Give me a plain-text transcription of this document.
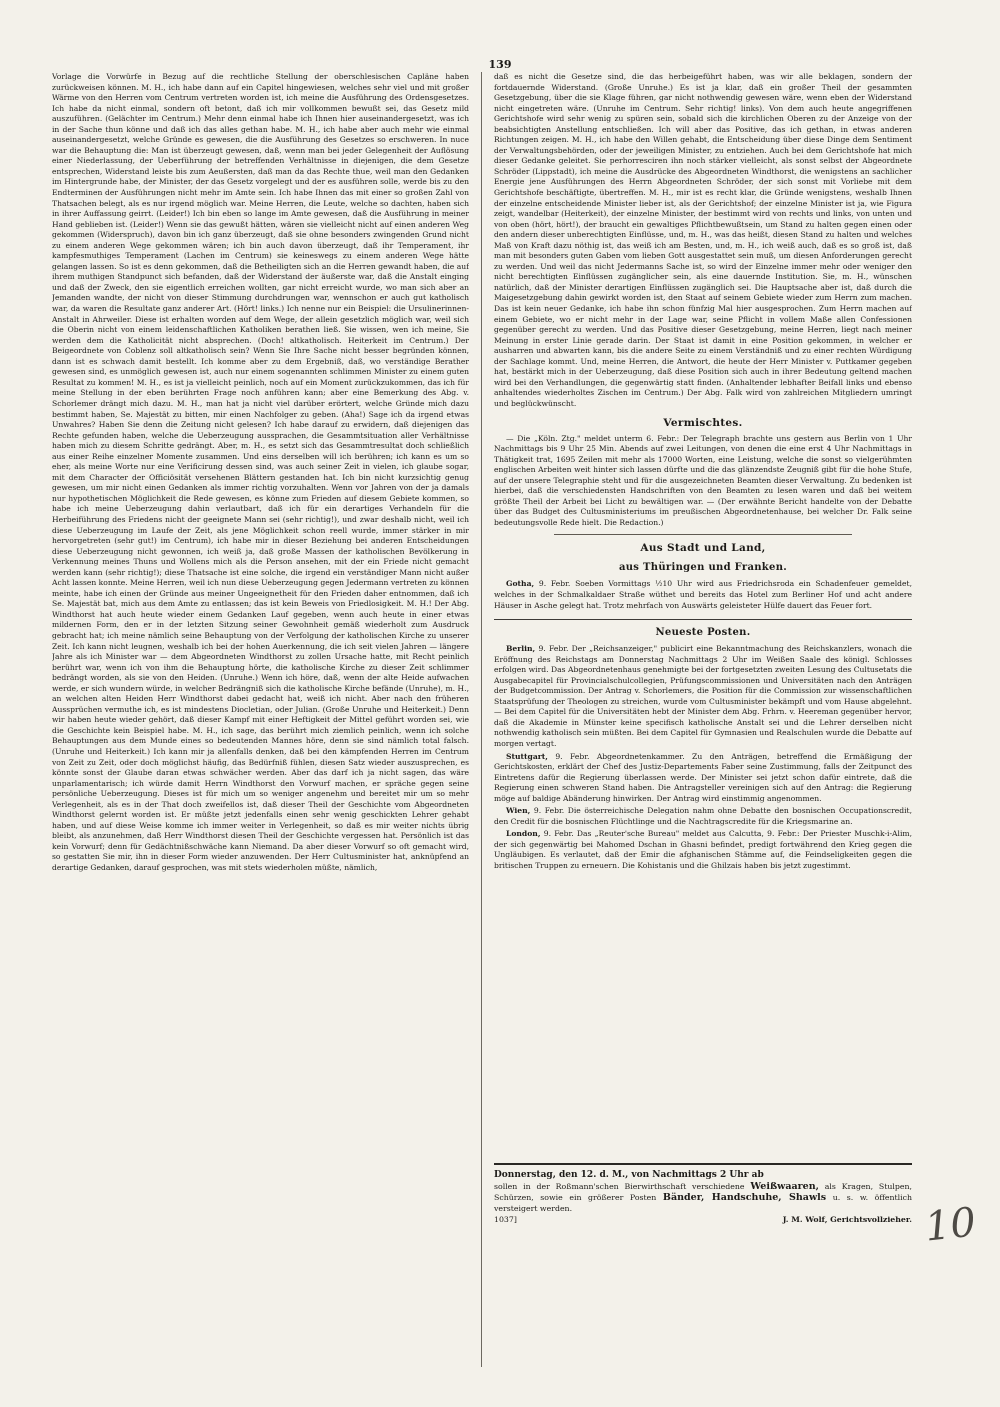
139

Vorlage die Vorwürfe in Bezug auf die rechtliche Stellung der oberschlesischen Capläne haben zurückweisen können. M. H., ich habe dann auf ein Capitel hingewiesen, welches sehr viel und mit großer Wärme von den Herren vom Centrum vertreten worden ist, ich meine die Ausführung des Ordensgesetzes. Ich habe da nicht einmal, sondern oft betont, daß ich mir vollkommen bewußt sei, das Gesetz mild auszuführen. (Gelächter im Centrum.) Mehr denn einmal habe ich Ihnen hier auseinandergesetzt, was ich in der Sache thun könne und daß ich das alles gethan habe. M. H., ich habe aber auch mehr wie einmal auseinandergesetzt, welche Gründe es gewesen, die die Ausführung des Gesetzes so erschweren. In nuce war die Behauptung die: Man ist überzeugt gewesen, daß, wenn man bei jeder Gelegenheit der Auflösung einer Niederlassung, der Ueberführung der betreffenden Verhältnisse in diejenigen, die dem Gesetze entsprechen, Widerstand leiste bis zum Aeußersten, daß man da das Rechte thue, weil man den Gedanken im Hintergrunde habe, der Minister, der das Gesetz vorgelegt und der es ausführen solle, werde bis zu den Endterminen der Ausführungen nicht mehr im Amte sein. Ich habe Ihnen das mit einer so großen Zahl von Thatsachen belegt, als es nur irgend möglich war. Meine Herren, die Leute, welche so dachten, haben sich in ihrer Auffassung geirrt. (Leider!) Ich bin eben so lange im Amte gewesen, daß die Ausführung in meiner Hand geblieben ist. (Leider!) Wenn sie das gewußt hätten, wären sie vielleicht nicht auf einen anderen Weg gekommen (Widerspruch), davon bin ich ganz überzeugt, daß sie ohne besonders zwingenden Grund nicht zu einem anderen Wege gekommen wären; ich bin auch davon überzeugt, daß ihr Temperament, ihr kampfesmuthiges Temperament (Lachen im Centrum) sie keineswegs zu einem anderen Wege hätte gelangen lassen. So ist es denn gekommen, daß die Betheiligten sich an die Herren gewandt haben, die auf ihrem muthigen Standpunct sich befanden, daß der Widerstand der äußerste war, daß die Anstalt einging und daß der Zweck, den sie eigentlich erreichen wollten, gar nicht erreicht wurde, wo man sich aber an Jemanden wandte, der nicht von dieser Stimmung durchdrungen war, wennschon er auch gut katholisch war, da waren die Resultate ganz anderer Art. (Hört! links.) Ich nenne nur ein Beispiel: die Ursulinerinnen-Anstalt in Ahrweiler. Diese ist erhalten worden auf dem Wege, der allein gesetzlich möglich war, weil sich die Oberin nicht von einem leidenschaftlichen Katholiken berathen ließ. Sie wissen, wen ich meine, Sie werden dem die Katholicität nicht absprechen. (Doch! altkatholisch. Heiterkeit im Centrum.) Der Beigeordnete von Coblenz soll altkatholisch sein? Wenn Sie Ihre Sache nicht besser begründen können, dann ist es schwach damit bestellt. Ich komme aber zu dem Ergebniß, daß, wo verständige Berather gewesen sind, es unmöglich gewesen ist, auch nur einem sogenannten schlimmen Minister zu einem guten Resultat zu kommen! M. H., es ist ja vielleicht peinlich, noch auf ein Moment zurückzukommen, das ich für meine Stellung in der eben berührten Frage noch anführen kann; aber eine Bemerkung des Abg. v. Schorlemer drängt mich dazu. M. H., man hat ja nicht viel darüber erörtert, welche Gründe mich dazu bestimmt haben, Se. Majestät zu bitten, mir einen Nachfolger zu geben. (Aha!) Sage ich da irgend etwas Unwahres? Haben Sie denn die Zeitung nicht gelesen? Ich habe darauf zu erwidern, daß diejenigen das Rechte gefunden haben, welche die Ueberzeugung aussprachen, die Gesammtsituation aller Verhältnisse haben mich zu diesem Schritte gedrängt. Aber, m. H., es setzt sich das Gesammtresultat doch schließlich aus einer Reihe einzelner Momente zusammen. Und eins derselben will ich berühren; ich kann es um so eher, als meine Worte nur eine Verificirung dessen sind, was auch seiner Zeit in vielen, ich glaube sogar, mit dem Character der Officiösität versehenen Blättern gestanden hat. Ich bin nicht kurzsichtig genug gewesen, um mir nicht einen Gedanken als immer richtig vorzuhalten. Wenn vor Jahren von der ja damals nur hypothetischen Möglichkeit die Rede gewesen, es könne zum Frieden auf diesem Gebiete kommen, so habe ich meine Ueberzeugung dahin verlautbart, daß ich für ein derartiges Verhandeln für die Herbeiführung des Friedens nicht der geeignete Mann sei (sehr richtig!), und zwar deshalb nicht, weil ich diese Ueberzeugung im Laufe der Zeit, als jene Möglichkeit schon reell wurde, immer stärker in mir hervorgetreten (sehr gut!) im Centrum), ich habe mir in dieser Beziehung bei anderen Entscheidungen diese Ueberzeugung nicht gewonnen, ich weiß ja, daß große Massen der katholischen Bevölkerung in Verkennung meines Thuns und Wollens mich als die Person ansehen, mit der ein Friede nicht gemacht werden kann (sehr richtig!); diese Thatsache ist eine solche, die irgend ein verständiger Mann nicht außer Acht lassen konnte. Meine Herren, weil ich nun diese Ueberzeugung gegen Jedermann vertreten zu können meinte, habe ich einen der Gründe aus meiner Ungeeignetheit für den Frieden daher entnommen, daß ich Se. Majestät bat, mich aus dem Amte zu entlassen; das ist kein Beweis von Friedlosigkeit. M. H.! Der Abg. Windthorst hat auch heute wieder einem Gedanken Lauf gegeben, wenn auch heute in einer etwas mildernen Form, den er in der letzten Sitzung seiner Gewohnheit gemäß wiederholt zum Ausdruck gebracht hat; ich meine nämlich seine Behauptung von der Verfolgung der katholischen Kirche zu unserer Zeit. Ich kann nicht leugnen, weshalb ich bei der hohen Auerkennung, die ich seit vielen Jahren — längere Jahre als ich Minister war — dem Abgeordneten Windthorst zu zollen Ursache hatte, mit Recht peinlich berührt war, wenn ich von ihm die Behauptung hörte, die katholische Kirche zu dieser Zeit schlimmer bedrängt worden, als sie von den Heiden. (Unruhe.) Wenn ich höre, daß, wenn der alte Heide aufwachen werde, er sich wundern würde, in welcher Bedrängniß sich die katholische Kirche befände (Unruhe), m. H., an welchen alten Heiden Herr Windthorst dabei gedacht hat, weiß ich nicht. Aber nach den früheren Aussprüchen vermuthe ich, es ist mindestens Diocletian, oder Julian. (Große Unruhe und Heiterkeit.) Denn wir haben heute wieder gehört, daß dieser Kampf mit einer Heftigkeit der Mittel geführt worden sei, wie die Geschichte kein Beispiel habe. M. H., ich sage, das berührt mich ziemlich peinlich, wenn ich solche Behauptungen aus dem Munde eines so bedeutenden Mannes höre, denn sie sind nämlich total falsch. (Unruhe und Heiterkeit.) Ich kann mir ja allenfalls denken, daß bei den kämpfenden Herren im Centrum von Zeit zu Zeit, oder doch möglichst häufig, das Bedürfniß fühlen, diesen Satz wieder auszusprechen, es könnte sonst der Glaube daran etwas schwächer werden. Aber das darf ich ja nicht sagen, das wäre unparlamentarisch; ich würde damit Herrn Windthorst den Vorwurf machen, er spräche gegen seine persönliche Ueberzeugung. Dieses ist für mich um so weniger angenehm und bereitet mir um so mehr Verlegenheit, als es in der That doch zweifellos ist, daß dieser Theil der Geschichte vom Abgeordneten Windthorst gelernt worden ist. Er müßte jetzt jedenfalls einen sehr wenig geschickten Lehrer gehabt haben, und auf diese Weise komme ich immer weiter in Verlegenheit, so daß es mir weiter nichts übrig bleibt, als anzunehmen, daß Herr Windthorst diesen Theil der Geschichte vergessen hat. Persönlich ist das kein Vorwurf; denn für Gedächtnißschwäche kann Niemand. Da aber dieser Vorwurf so oft gemacht wird, so gestatten Sie mir, ihn in dieser Form wieder anzuwenden. Der Herr Cultusminister hat, anknüpfend an derartige Gedanken, darauf gesprochen, was mit stets wiederholen müßte, nämlich,

daß es nicht die Gesetze sind, die das herbeigeführt haben, was wir alle beklagen, sondern der fortdauernde Widerstand. (Große Unruhe.) Es ist ja klar, daß ein großer Theil der gesammten Gesetzgebung, über die sie Klage führen, gar nicht nothwendig gewesen wäre, wenn eben der Widerstand nicht eingetreten wäre. (Unruhe im Centrum. Sehr richtig! links). Von dem auch heute angegriffenen Gerichtshofe wird sehr wenig zu spüren sein, sobald sich die kirchlichen Oberen zu der Anzeige von der beabsichtigten Anstellung entschließen. Ich will aber das Positive, das ich gethan, in etwas anderen Richtungen zeigen. M. H., ich habe den Willen gehabt, die Entscheidung über diese Dinge dem Sentiment der Verwaltungsbehörden, oder der jeweiligen Minister, zu entziehen. Auch bei dem Gerichtshofe hat mich dieser Gedanke geleitet. Sie perhorresciren ihn noch stärker vielleicht, als sonst selbst der Abgeordnete Schröder (Lippstadt), ich meine die Ausdrücke des Abgeordneten Windthorst, die wenigstens an sachlicher Energie jene Ausführungen des Herrn Abgeordneten Schröder, der sich sonst mit Vorliebe mit dem Gerichtshofe beschäftigte, übertreffen. M. H., mir ist es recht klar, die Gründe wenigstens, weshalb Ihnen der einzelne entscheidende Minister lieber ist, als der Gerichtshof; der einzelne Minister ist ja, wie Figura zeigt, wandelbar (Heiterkeit), der einzelne Minister, der bestimmt wird von rechts und links, von unten und von oben (hört, hört!), der braucht ein gewaltiges Pflichtbewußtsein, um Stand zu halten gegen einen oder den andern dieser unberechtigten Einflüsse, und, m. H., was das heißt, diesen Stand zu halten und welches Maß von Kraft dazu nöthig ist, das weiß ich am Besten, und, m. H., ich weiß auch, daß es so groß ist, daß man mit besonders guten Gaben vom lieben Gott ausgestattet sein muß, um diesen Anforderungen gerecht zu werden. Und weil das nicht Jedermanns Sache ist, so wird der Einzelne immer mehr oder weniger den nicht berechtigten Einflüssen zugänglicher sein, als eine dauernde Institution. Sie, m. H., wünschen natürlich, daß der Minister derartigen Einflüssen zugänglich sei. Die Hauptsache aber ist, daß durch die Maigesetzgebung dahin gewirkt worden ist, den Staat auf seinem Gebiete wieder zum Herrn zum machen. Das ist kein neuer Gedanke, ich habe ihn schon fünfzig Mal hier ausgesprochen. Zum Herrn machen auf einem Gebiete, wo er nicht mehr in der Lage war, seine Pflicht in vollem Maße allen Confessionen gegenüber gerecht zu werden. Und das Positive dieser Gesetzgebung, meine Herren, liegt nach meiner Meinung in erster Linie gerade darin. Der Staat ist damit in eine Position gekommen, in welcher er ausharren und abwarten kann, bis die andere Seite zu einem Verständniß und zu einer rechten Würdigung der Sachlage kommt. Und, meine Herren, die Antwort, die heute der Herr Minister v. Puttkamer gegeben hat, bestärkt mich in der Ueberzeugung, daß diese Position sich auch in ihrer Bedeutung geltend machen wird bei den Verhandlungen, die gegenwärtig statt finden. (Anhaltender lebhafter Beifall links und ebenso anhaltendes wiederholtes Zischen im Centrum.) Der Abg. Falk wird von zahlreichen Mitgliedern umringt und beglückwünscht.

Vermischtes.

— Die „Köln. Ztg." meldet unterm 6. Febr.: Der Telegraph brachte uns gestern aus Berlin von 1 Uhr Nachmittags bis 9 Uhr 25 Min. Abends auf zwei Leitungen, von denen die eine erst 4 Uhr Nachmittags in Thätigkeit trat, 1695 Zeilen mit mehr als 17000 Worten, eine Leistung, welche die sonst so vielgerühmten englischen Arbeiten weit hinter sich lassen dürfte und die das glänzendste Zeugniß gibt für die hohe Stufe, auf der unsere Telegraphie steht und für die ausgezeichneten Beamten dieser Verwaltung. Zu bedenken ist hierbei, daß die verschiedensten Handschriften von den Beamten zu lesen waren und daß bei weitem größte Theil der Arbeit bei Licht zu bewältigen war. — (Der erwähnte Bericht handelte von der Debatte über das Budget des Cultusministeriums im preußischen Abgeordnetenhause, bei welcher Dr. Falk seine bedeutungsvolle Rede hielt. Die Redaction.)

Aus Stadt und Land,
aus Thüringen und Franken.

Gotha, 9. Febr. Soeben Vormittags ½10 Uhr wird aus Friedrichsroda ein Schadenfeuer gemeldet, welches in der Schmalkaldaer Straße wüthet und bereits das Hotel zum Berliner Hof und acht andere Häuser in Asche gelegt hat. Trotz mehrfach von Auswärts geleisteter Hülfe dauert das Feuer fort.

Neueste Posten.

Berlin, 9. Febr. Der „Reichsanzeiger," publicirt eine Bekanntmachung des Reichskanzlers, wonach die Eröffnung des Reichstags am Donnerstag Nachmittags 2 Uhr im Weißen Saale des königl. Schlosses erfolgen wird. Das Abgeordnetenhaus genehmigte bei der fortgesetzten zweiten Lesung des Cultusetats die Ausgabecapitel für Provincialschulcollegien, Prüfungscommissionen und Universitäten nach den Anträgen der Budgetcommission. Der Antrag v. Schorlemers, die Position für die Commission zur wissenschaftlichen Staatsprüfung der Theologen zu streichen, wurde vom Cultusminister bekämpft und vom Hause abgelehnt. — Bei dem Capitel für die Universitäten hebt der Minister dem Abg. Frhrn. v. Heereman gegenüber hervor, daß die Akademie in Münster keine specifisch katholische Anstalt sei und die Lehrer derselben nicht nothwendig katholisch sein müßten. Bei dem Capitel für Gymnasien und Realschulen wurde die Debatte auf morgen vertagt.

Stuttgart, 9. Febr. Abgeordnetenkammer. Zu den Anträgen, betreffend die Ermäßigung der Gerichtskosten, erklärt der Chef des Justiz-Departements Faber seine Zustimmung, falls der Zeitpunct des Eintretens dafür die Regierung überlassen werde. Der Minister sei jetzt schon dafür eintrete, daß die Regierung einen schweren Stand haben. Die Antragsteller vereinigen sich auf den Antrag: die Regierung möge auf baldige Abänderung hinwirken. Der Antrag wird einstimmig angenommen.

Wien, 9. Febr. Die österreichische Delegation nahm ohne Debatte den bosnischen Occupationscredit, den Credit für die bosnischen Flüchtlinge und die Nachtragscredite für die Kriegsmarine an.

London, 9. Febr. Das „Reuter'sche Bureau" meldet aus Calcutta, 9. Febr.: Der Priester Muschk-i-Alim, der sich gegenwärtig bei Mahomed Dschan in Ghasni befindet, predigt fortwährend den Krieg gegen die Ungläubigen. Es verlautet, daß der Emir die afghanischen Stämme auf, die Feindseligkeiten gegen die britischen Truppen zu erneuern. Die Kohistanis und die Ghilzais haben bis jetzt zugestimmt.

Donnerstag, den 12. d. M., von Nachmittags 2 Uhr ab
sollen in der Roßmann'schen Bierwirthschaft verschiedene Weißwaaren, als Kragen, Stulpen, Schürzen, sowie ein größerer Posten Bänder, Handschuhe, Shawls u. s. w. öffentlich versteigert werden.
1037]	J. M. Wolf, Gerichtsvollzieher. 10
